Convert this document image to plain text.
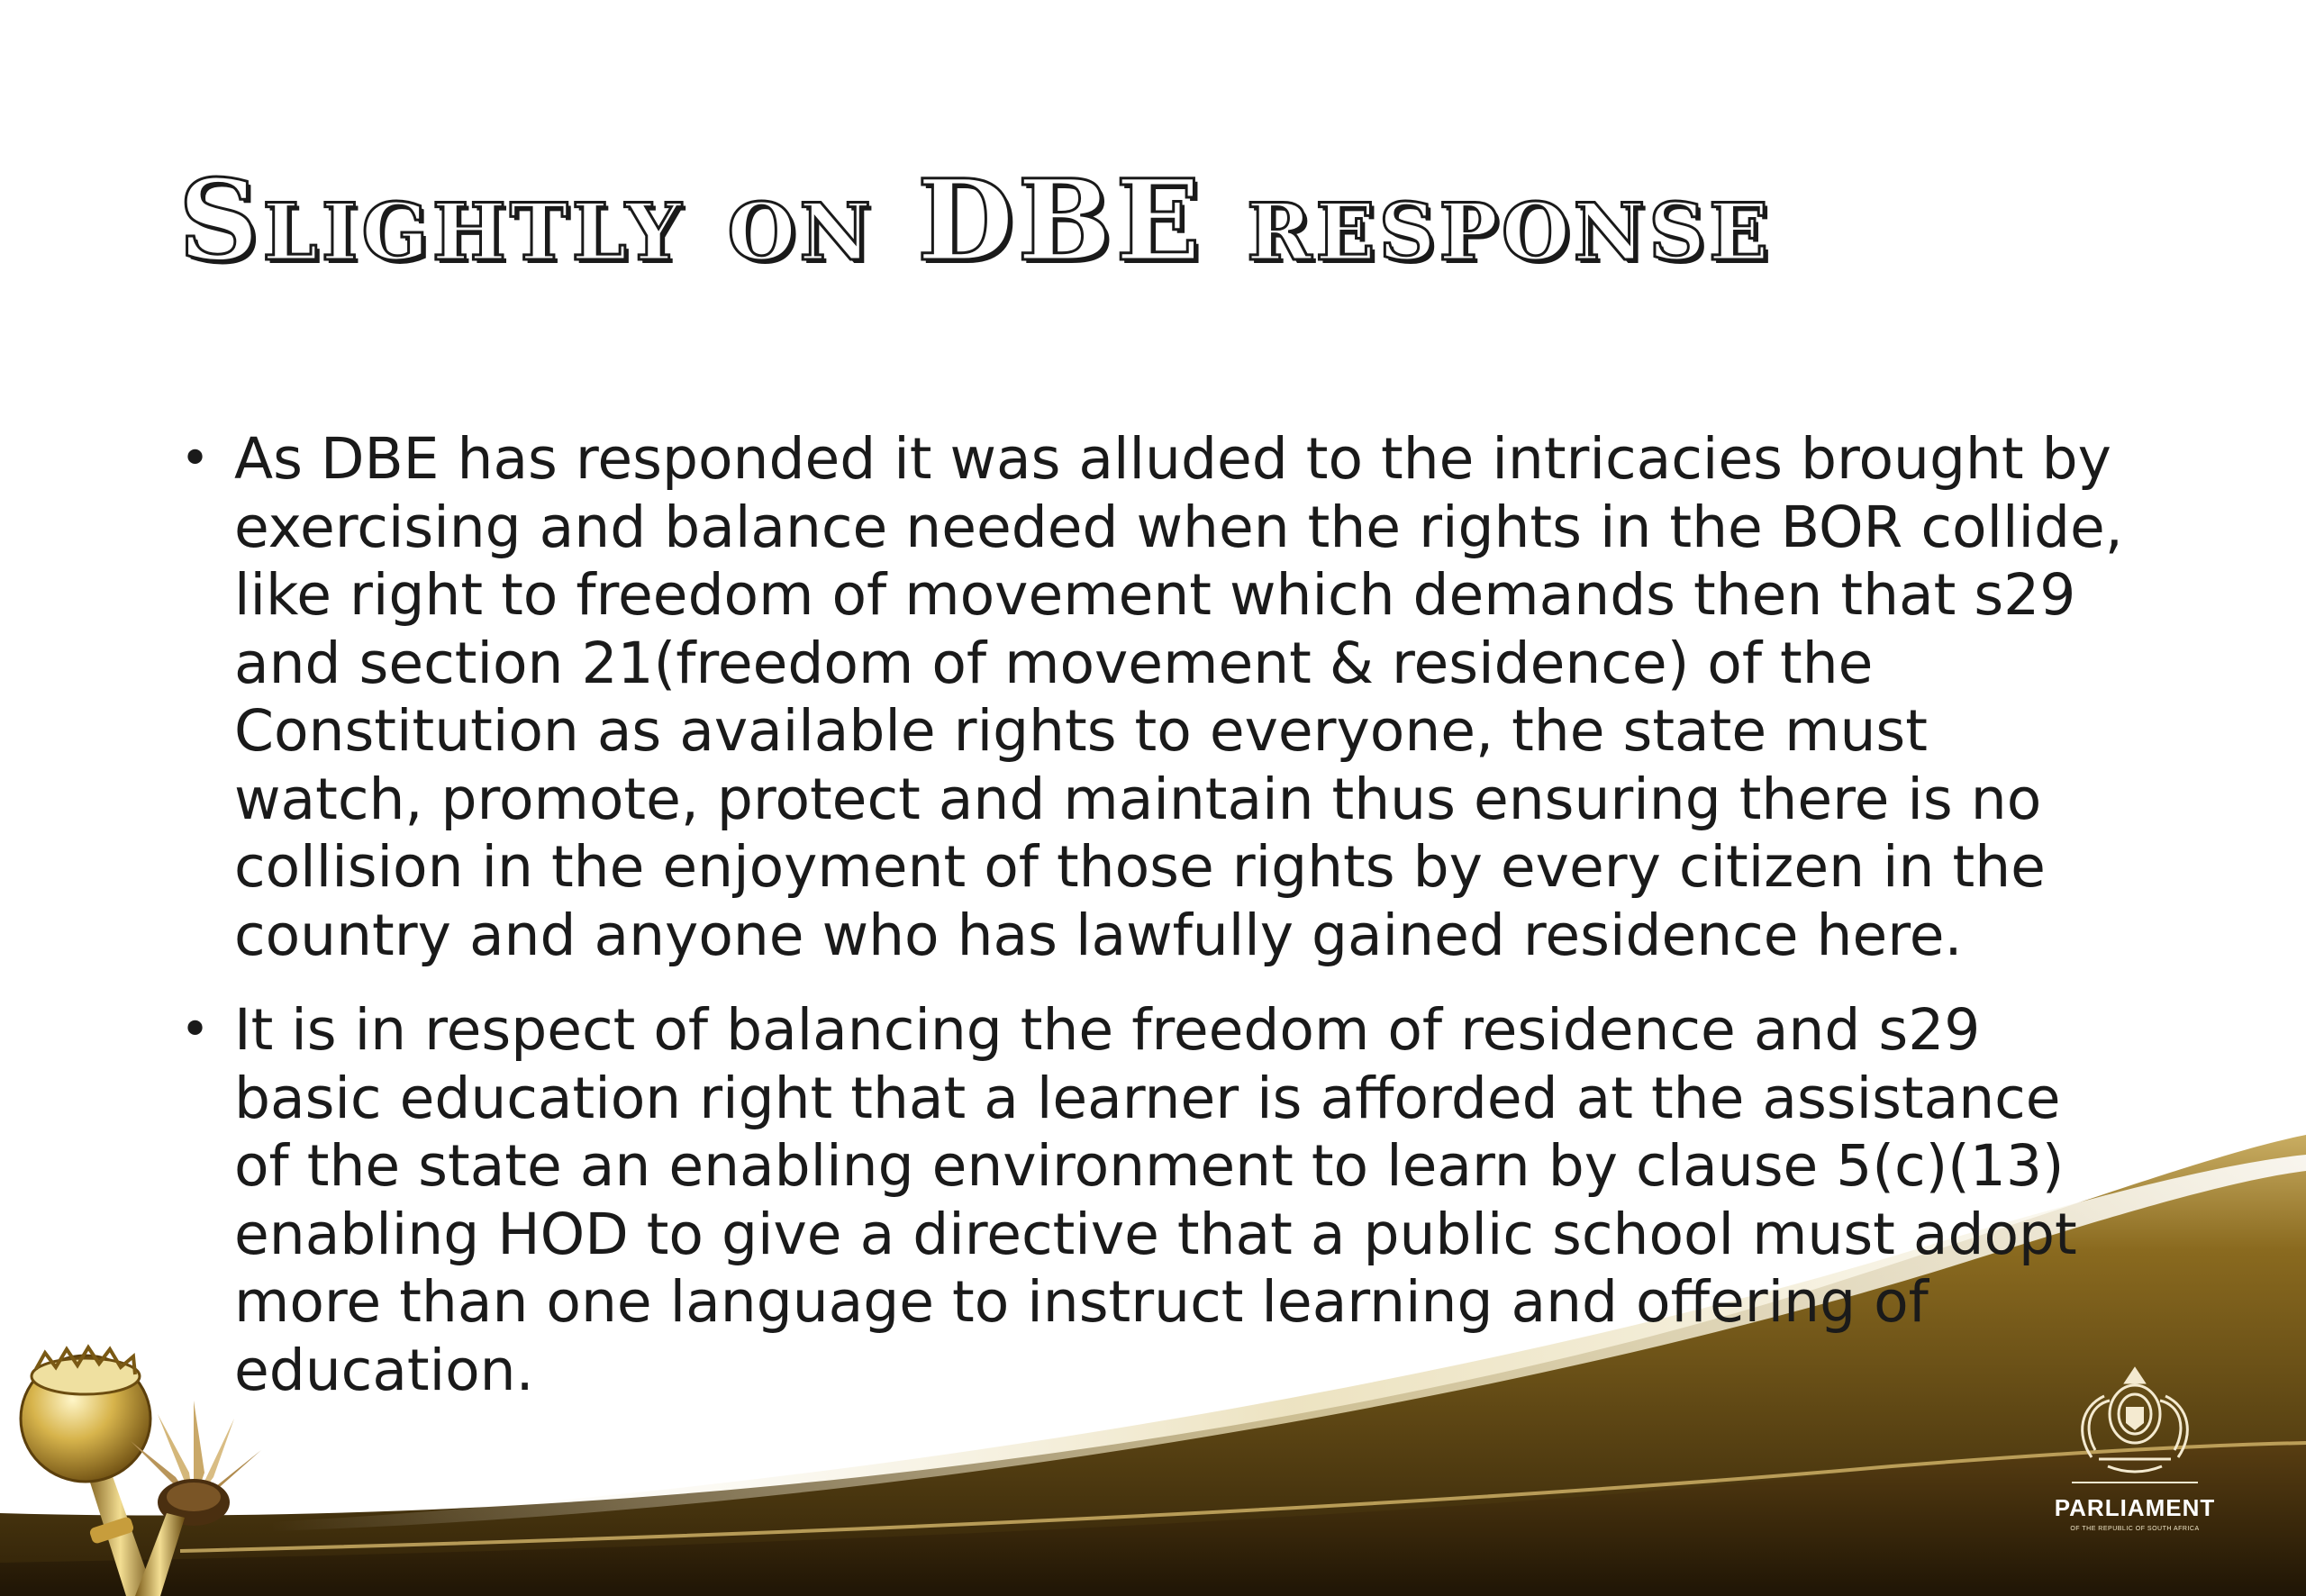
Slightly on DBE response
• As DBE has responded it was alluded to the intricacies brought by
exercising and balance needed when the rights in the BOR collide,
like right to freedom of movement which demands then that s29
and section 21(freedom of movement & residence) of the
Constitution as available rights to everyone, the state must
watch, promote, protect and maintain thus ensuring there is no
collision in the enjoyment of those rights by every citizen in the
country and anyone who has lawfully gained residence here.
• It is in respect of balancing the freedom of residence and s29
basic education right that a learner is afforded at the assistance
of the state an enabling environment to learn by clause 5(c)(13)
enabling HOD to give a directive that a public school must adopt
more than one language to instruct learning and offering of
education.
PARLIAMENT
OF THE REPUBLIC OF SOUTH AFRICA
